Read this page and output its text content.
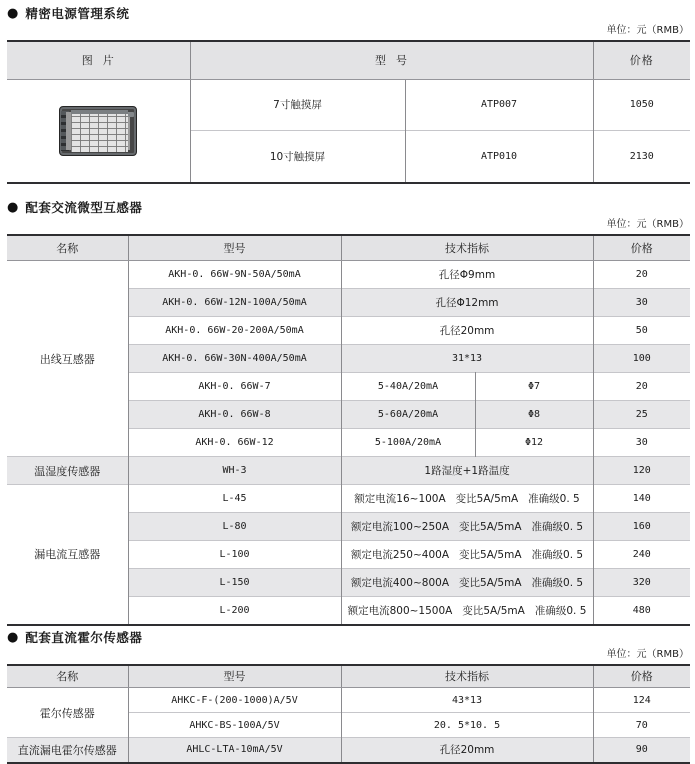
● 精密电源管理系统
单位：元（RMB）
图  片	型  号		价格

	7寸触摸屏	ATP007	1050
	10寸触摸屏	ATP010	2130
● 配套交流微型互感器
单位：元（RMB）
名称	型号	技术指标		价格
出线互感器	AKH-0. 66W-9N-50A/50mA	孔径Φ9mm		20
	AKH-0. 66W-12N-100A/50mA	孔径Φ12mm		30
	AKH-0. 66W-20-200A/50mA	孔径20mm		50
	AKH-0. 66W-30N-400A/50mA	31*13		100
	AKH-0. 66W-7	5-40A/20mA	Φ7	20
	AKH-0. 66W-8	5-60A/20mA	Φ8	25
	AKH-0. 66W-12	5-100A/20mA	Φ12	30
温湿度传感器	WH-3	1路湿度+1路温度		120
漏电流互感器	L-45	额定电流16~100A   变比5A/5mA   准确级0. 5		140
	L-80	额定电流100~250A   变比5A/5mA   准确级0. 5		160
	L-100	额定电流250~400A   变比5A/5mA   准确级0. 5		240
	L-150	额定电流400~800A   变比5A/5mA   准确级0. 5		320
	L-200	额定电流800~1500A   变比5A/5mA   准确级0. 5		480
● 配套直流霍尔传感器
单位：元（RMB）
名称	型号	技术指标	价格
霍尔传感器	AHKC-F-(200-1000)A/5V	43*13	124
	AHKC-BS-100A/5V	20. 5*10. 5	70
直流漏电霍尔传感器	AHLC-LTA-10mA/5V	孔径20mm	90
